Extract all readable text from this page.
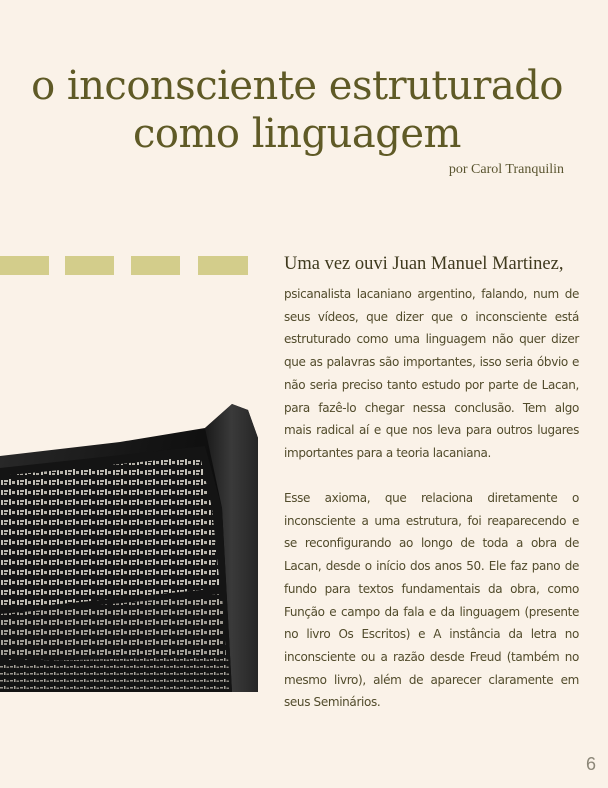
o inconsciente estruturado
como linguagem
por Carol Tranquilin
Uma vez ouvi Juan Manuel Martinez,

psicanalista lacaniano argentino, falando, num de seus vídeos, que dizer que o inconsciente está estruturado como uma linguagem não quer dizer que as palavras são importantes, isso seria óbvio e não seria preciso tanto estudo por parte de Lacan, para fazê-lo chegar nessa conclusão. Tem algo mais radical aí e que nos leva para outros lugares importantes para a teoria lacaniana.

Esse axioma, que relaciona diretamente o inconsciente a uma estrutura, foi reaparecendo e se reconfigurando ao longo de toda a obra de Lacan, desde o início dos anos 50. Ele faz pano de fundo para textos fundamentais da obra, como Função e campo da fala e da linguagem (presente no livro Os Escritos) e A instância da letra no inconsciente ou a razão desde Freud (também no mesmo livro), além de aparecer claramente em seus Seminários.

6
